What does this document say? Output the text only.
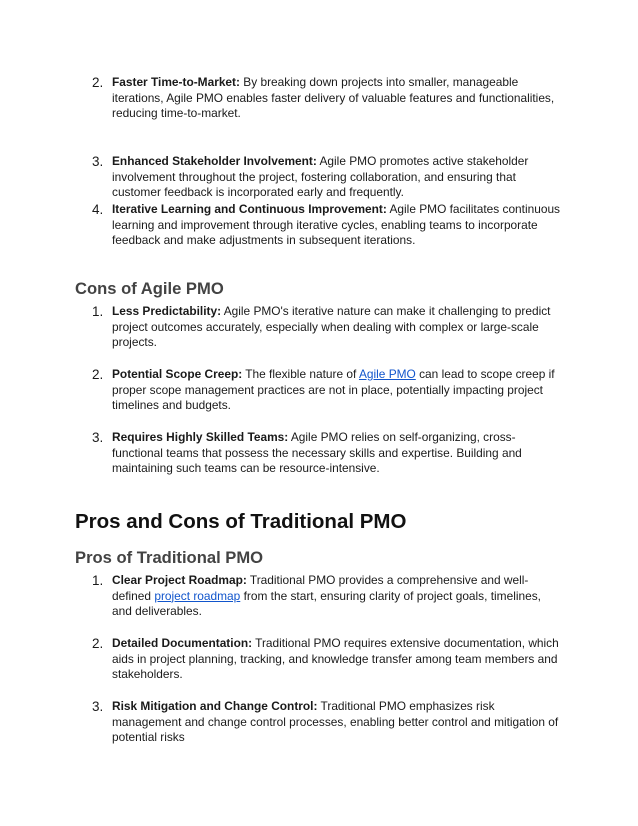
2. Faster Time-to-Market: By breaking down projects into smaller, manageable iterations, Agile PMO enables faster delivery of valuable features and functionalities, reducing time-to-market.
3. Enhanced Stakeholder Involvement: Agile PMO promotes active stakeholder involvement throughout the project, fostering collaboration, and ensuring that customer feedback is incorporated early and frequently.
4. Iterative Learning and Continuous Improvement: Agile PMO facilitates continuous learning and improvement through iterative cycles, enabling teams to incorporate feedback and make adjustments in subsequent iterations.
Cons of Agile PMO
1. Less Predictability: Agile PMO's iterative nature can make it challenging to predict project outcomes accurately, especially when dealing with complex or large-scale projects.
2. Potential Scope Creep: The flexible nature of Agile PMO can lead to scope creep if proper scope management practices are not in place, potentially impacting project timelines and budgets.
3. Requires Highly Skilled Teams: Agile PMO relies on self-organizing, cross-functional teams that possess the necessary skills and expertise. Building and maintaining such teams can be resource-intensive.
Pros and Cons of Traditional PMO
Pros of Traditional PMO
1. Clear Project Roadmap: Traditional PMO provides a comprehensive and well-defined project roadmap from the start, ensuring clarity of project goals, timelines, and deliverables.
2. Detailed Documentation: Traditional PMO requires extensive documentation, which aids in project planning, tracking, and knowledge transfer among team members and stakeholders.
3. Risk Mitigation and Change Control: Traditional PMO emphasizes risk management and change control processes, enabling better control and mitigation of potential risks
